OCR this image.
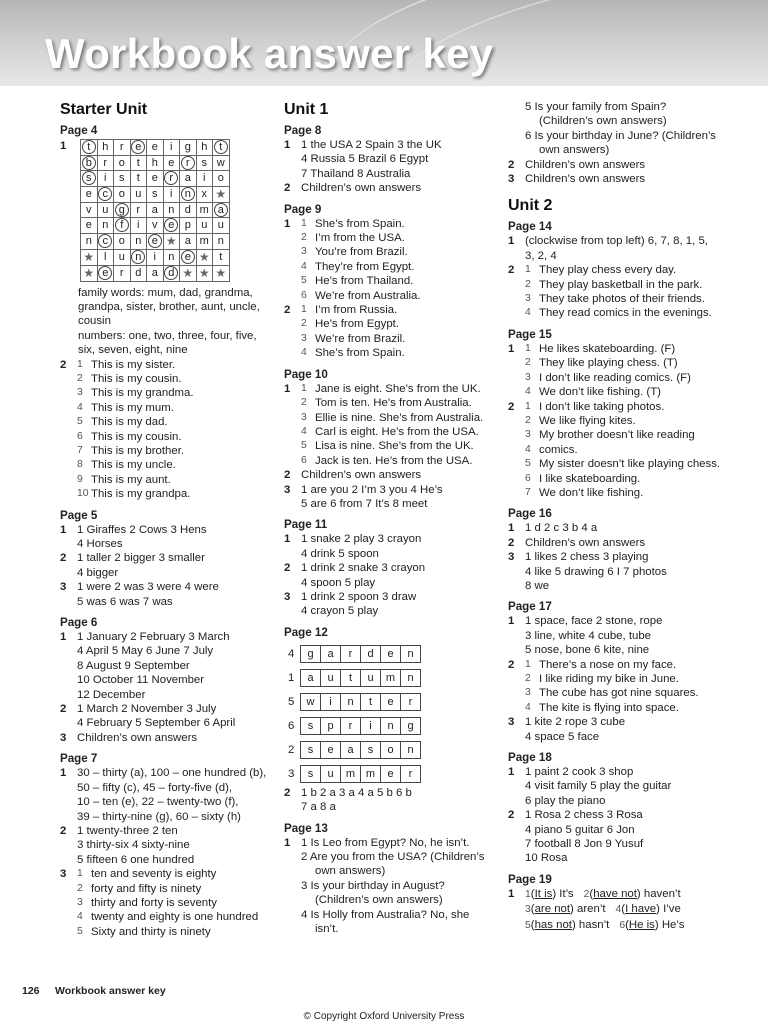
Workbook answer key
Starter Unit
Page 4
1 t	h	r	e	e	i	g	h	t
b	r	o	t	h	e	r	s	w
s	i	s	t	e	r	a	i	o
e	c	o	u	s	i	n	x	★
v	u	g	r	a	n	d	m	a
e	n	f	i	v	e	p	u	u
n	c	o	n	e	★	a	m	n
★	l	u	n	i	n	e	★	t
★	e	r	d	a	d	★	★	★
family words: mum, dad, grandma,
grandpa, sister, brother, aunt, uncle,
cousin
numbers: one, two, three, four, five,
six, seven, eight, nine
2	1 This is my sister.
2 This is my cousin.
3 This is my grandma.
4 This is my mum.
5 This is my dad.
6 This is my cousin.
7 This is my brother.
8 This is my uncle.
9 This is my aunt.
10 This is my grandpa.
Page 5
1 1 Giraffes 2 Cows 3 Hens
4 Horses
2 1 taller 2 bigger 3 smaller
4 bigger
3 1 were 2 was 3 were 4 were
5 was 6 was 7 was
Page 6
1 1 January 2 February 3 March
4 April 5 May 6 June 7 July
8 August 9 September
10 October 11 November
12 December
2 1 March 2 November 3 July
4 February 5 September 6 April
3 Children’s own answers
Page 7
1 30 – thirty (a), 100 – one hundred (b),
50 – fifty (c), 45 – forty-five (d),
10 – ten (e), 22 – twenty-two (f),
39 – thirty-nine (g), 60 – sixty (h)
2 1 twenty-three 2 ten
3 thirty-six 4 sixty-nine
5 fifteen 6 one hundred
3	1 ten and seventy is eighty
2 forty and fifty is ninety
3 thirty and forty is seventy
4 twenty and eighty is one hundred
5 Sixty and thirty is ninety
Unit 1
Page 8
1 1 the USA 2 Spain 3 the UK
4 Russia 5 Brazil 6 Egypt
7 Thailand 8 Australia
2 Children’s own answers
Page 9
1	1 She’s from Spain.
2 I’m from the USA.
3 You’re from Brazil.
4 They’re from Egypt.
5 He’s from Thailand.
6 We’re from Australia.
2	1 I’m from Russia.
2 He’s from Egypt.
3 We’re from Brazil.
4 She’s from Spain.
Page 10
1	1 Jane is eight. She’s from the UK.
2 Tom is ten. He’s from Australia.
3 Ellie is nine. She’s from Australia.
4 Carl is eight. He’s from the USA.
5 Lisa is nine. She’s from the UK.
6 Jack is ten. He’s from the USA.
2 Children’s own answers
3 1 are you 2 I’m 3 you 4 He’s
5 are 6 from 7 It’s 8 meet
Page 11
1 1 snake 2 play 3 crayon
4 drink 5 spoon
2 1 drink 2 snake 3 crayon
4 spoon 5 play
3 1 drink 2 spoon 3 draw
4 crayon 5 play
Page 12
4	g	a	r	d	e	n
1	a	u	t	u	m	n
5	w	i	n	t	e	r
6	s	p	r	i	n	g
2	s	e	a	s	o	n
3	s	u	m	m	e	r
2 1 b 2 a 3 a 4 a 5 b 6 b
7 a 8 a
Page 13
1 1 Is Leo from Egypt? No, he isn’t.
2 Are you from the USA? (Children’s
own answers)
3 Is your birthday in August?
(Children’s own answers)
4 Is Holly from Australia? No, she
isn’t.
5 Is your family from Spain?
(Children’s own answers)
6 Is your birthday in June? (Children’s
own answers)
2 Children’s own answers
3 Children’s own answers
Unit 2
Page 14
1 (clockwise from top left) 6, 7, 8, 1, 5,
3, 2, 4
2	1 They play chess every day.
2 They play basketball in the park.
3 They take photos of their friends.
4 They read comics in the evenings.
Page 15
1	1 He likes skateboarding. (F)
2 They like playing chess. (T)
3 I don’t like reading comics. (F)
4 We don’t like fishing. (T)
2	1 I don’t like taking photos.
2 We like flying kites.
3 My brother doesn’t like reading
4 comics.
5 My sister doesn’t like playing chess.
6 I like skateboarding.
7 We don’t like fishing.
Page 16
1 1 d 2 c 3 b 4 a
2 Children’s own answers
3 1 likes 2 chess 3 playing
4 like 5 drawing 6 I 7 photos
8 we
Page 17
1 1 space, face 2 stone, rope
3 line, white 4 cube, tube
5 nose, bone 6 kite, nine
2	1 There’s a nose on my face.
2 I like riding my bike in June.
3 The cube has got nine squares.
4 The kite is flying into space.
3 1 kite 2 rope 3 cube
4 space 5 face
Page 18
1 1 paint 2 cook 3 shop
4 visit family 5 play the guitar
6 play the piano
2 1 Rosa 2 chess 3 Rosa
4 piano 5 guitar 6 Jon
7 football 8 Jon 9 Yusuf
10 Rosa
Page 19
1	1(It is) It’s 2(have not) haven’t
3(are not) aren’t 4(I have) I’ve
5(has not) hasn’t 6(He is) He’s
126 Workbook answer key
© Copyright Oxford University Press
